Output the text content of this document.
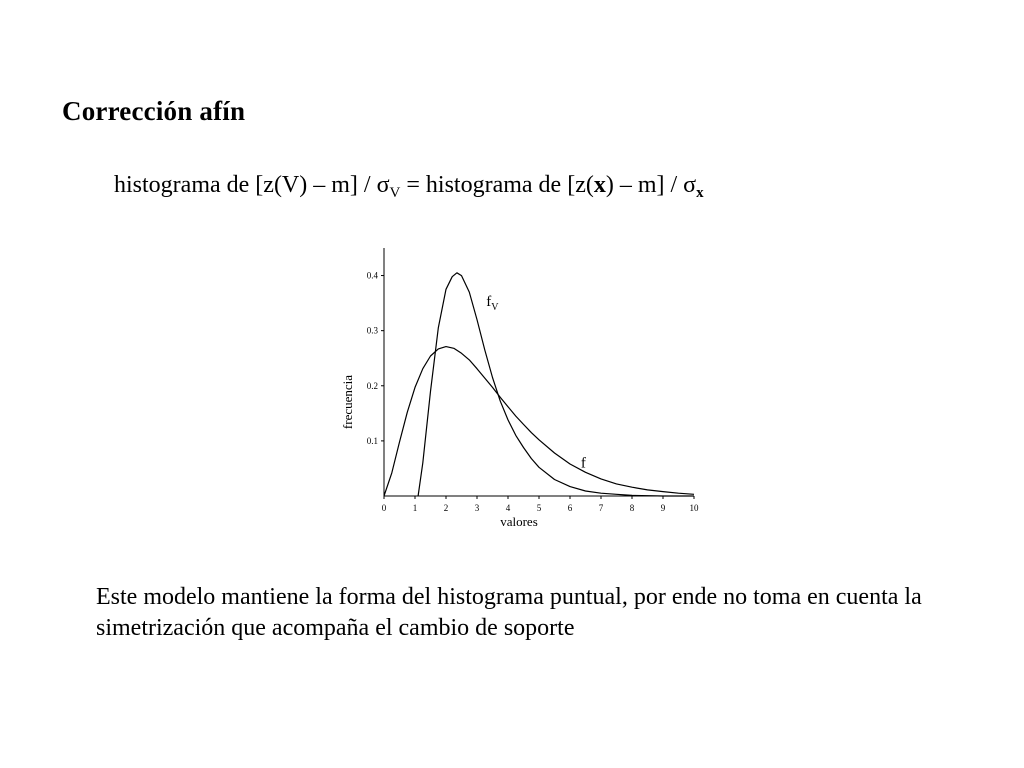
Corrección afín
histograma de $[z(V) - m] / \sigma_V$ = histograma de $[z(x) - m] / \sigma_x$
0	1	2	3	4	5	6	7	8	9	10
0.1
0.2
0.3
0.4
valores
frecuencia
f
$f_V$

Este modelo mantiene la forma del histograma puntual, por ende no toma en cuenta la simetrización que acompaña el cambio de soporte
